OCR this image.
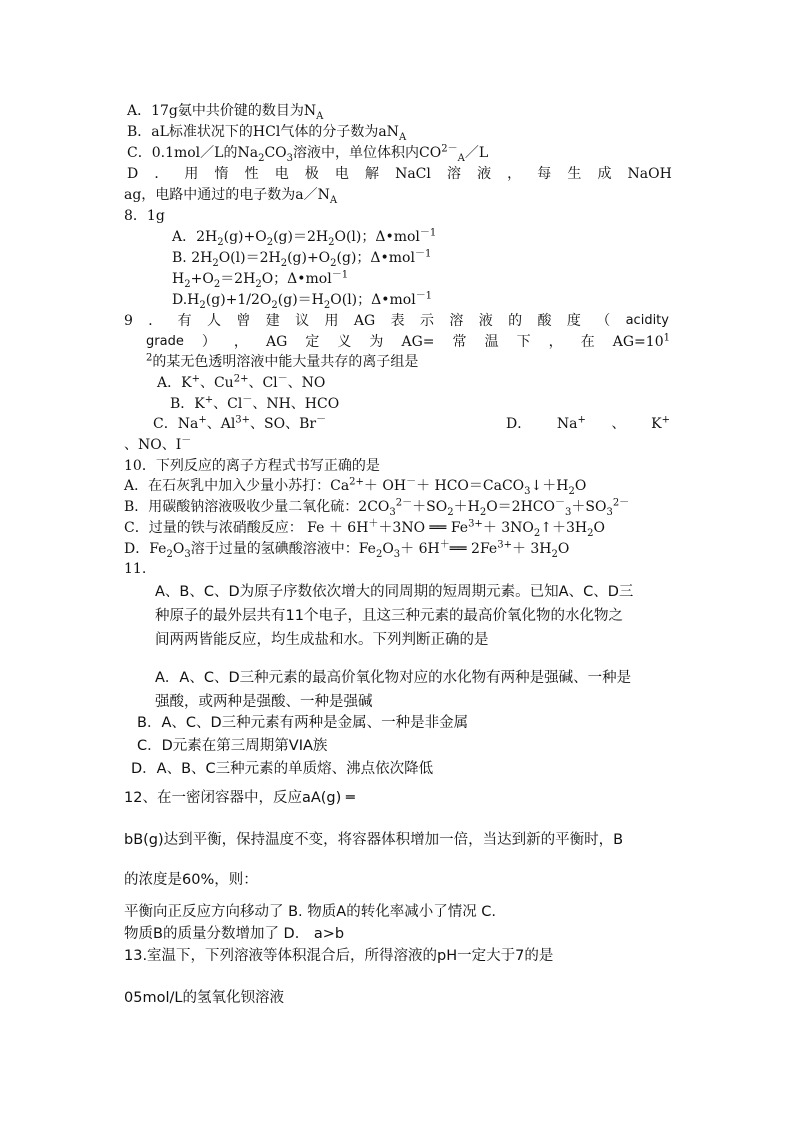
A．17g氨中共价键的数目为$N_A$
B．aL标准状况下的HCl气体的分子数为$aN_A$
C．0.1mol／L的$Na_2CO_3$溶液中，单位体积内$CO^{2-}_A/L$
D ． 用 惰 性 电 极 电 解 NaCl 溶 液 ， 每 生 成 NaOH
ag，电路中通过的电子数为$a/N_A$
8．1g
A．$2H_2(g)+O_2(g)=2H_2O(l)$；Δ•mol$^{-1}$
B. $2H_2O(l)=2H_2(g)+O_2(g)$；Δ•mol$^{-1}$
$H_2+O_2=2H_2O$；Δ•mol$^{-1}$
$D.H_2(g)+1/2O_2(g)=H_2O(l)$；Δ•mol$^{-1}$
9 ． 有 人 曾 建 议 用 AG 表 示 溶 液 的 酸 度 （ acidity
grade ） ， AG 定 义 为 AG= 常 温 下 ， 在 $AG=10^1$
$^2$的某无色透明溶液中能大量共存的离子组是
A．K+、$Cu^{2+}$、Cl－、NO
B．K+、Cl－、NH、HCO
C．Na+、$Al^{3+}$、SO、Br－	D． Na+ 、 K+
、NO、I－
10．下列反应的离子方程式书写正确的是
A．在石灰乳中加入少量小苏打：$Ca^{2+}+ OH^-+$ $HCO=CaCO_3↓+H_2O$
B．用碳酸钠溶液吸收少量二氧化硫：$2CO_3^{2-}+SO_2+H_2O=2HCO^-_3+SO_3^{2-}$
C．过量的铁与浓硝酸反应： Fe ＋ 6H＋＋3NO ══ $Fe^{3+}+$ $3NO_2↑+3H_2O$
D．$Fe_2O_3$溶于过量的氢碘酸溶液中：$Fe_2O_3+$ 6H＋══ $2Fe^{3+}+ 3H_2O$
11.
A、B、C、D为原子序数依次增大的同周期的短周期元素。已知A、C、D三
种原子的最外层共有11个电子，且这三种元素的最高价氧化物的水化物之
间两两皆能反应，均生成盐和水。下列判断正确的是
A．A、C、D三种元素的最高价氧化物对应的水化物有两种是强碱、一种是
强酸，或两种是强酸、一种是强碱
B．A、C、D三种元素有两种是金属、一种是非金属
C．D元素在第三周期第VIA族
D．A、B、C三种元素的单质熔、沸点依次降低
12、在一密闭容器中，反应aA(g) ═
bB(g)达到平衡，保持温度不变，将容器体积增加一倍，当达到新的平衡时，B
的浓度是60%，则：
平衡向正反应方向移动了 B. 物质A的转化率减小了情况 C.
物质B的质量分数增加了 D． a>b
13.室温下，下列溶液等体积混合后，所得溶液的pH一定大于7的是
05mol/L的氢氧化钡溶液
